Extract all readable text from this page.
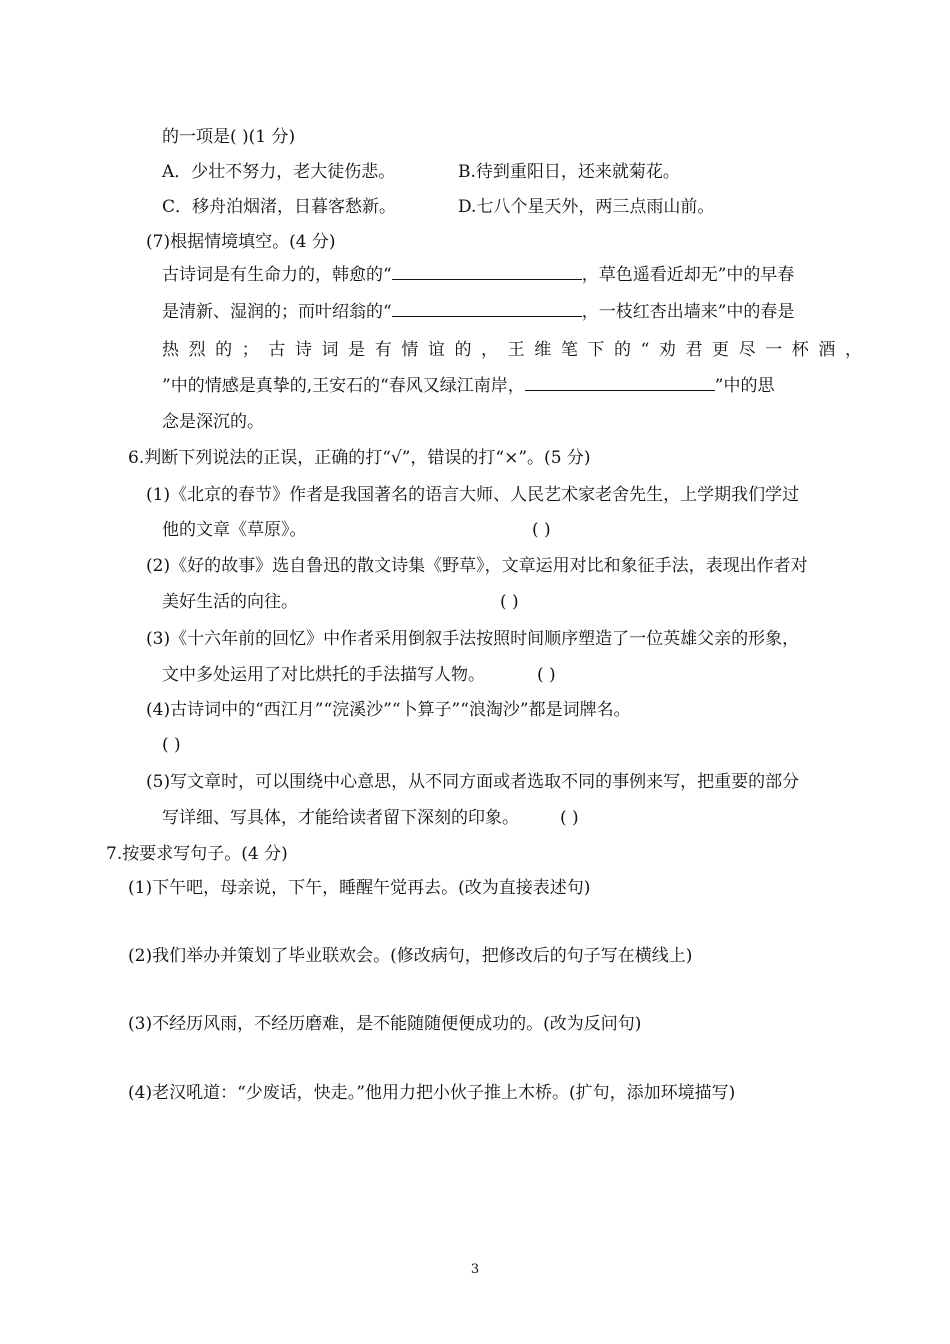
的一项是( )(1 分)
A．少壮不努力，老大徒伤悲。	B.待到重阳日，还来就菊花。
C．移舟泊烟渚，日暮客愁新。	D.七八个星天外，两三点雨山前。
(7)根据情境填空。(4 分)
古诗词是有生命力的，韩愈的“	，草色遥看近却无”中的早春
是清新、湿润的；而叶绍翁的“	，一枝红杏出墙来”中的春是
热烈的；古诗词是有情谊的，王维笔下的“劝君更尽一杯酒，
”中的情感是真挚的,王安石的“春风又绿江南岸，	”中的思
念是深沉的。
6.判断下列说法的正误，正确的打“√”，错误的打“×”。(5 分)
(1)《北京的春节》作者是我国著名的语言大师、人民艺术家老舍先生，上学期我们学过
他的文章《草原》。	( )
(2)《好的故事》选自鲁迅的散文诗集《野草》，文章运用对比和象征手法，表现出作者对
美好生活的向往。	( )
(3)《十六年前的回忆》中作者采用倒叙手法按照时间顺序塑造了一位英雄父亲的形象，
文中多处运用了对比烘托的手法描写人物。	( )
(4)古诗词中的“西江月”“浣溪沙”“卜算子”“浪淘沙”都是词牌名。
( )
(5)写文章时，可以围绕中心意思，从不同方面或者选取不同的事例来写，把重要的部分
写详细、写具体，才能给读者留下深刻的印象。 ( )
7.按要求写句子。(4 分)
(1)下午吧，母亲说，下午，睡醒午觉再去。(改为直接表述句)
(2)我们举办并策划了毕业联欢会。(修改病句，把修改后的句子写在横线上)
(3)不经历风雨，不经历磨难，是不能随随便便成功的。(改为反问句)
(4)老汉吼道：“少废话，快走。”他用力把小伙子推上木桥。(扩句，添加环境描写)
3
